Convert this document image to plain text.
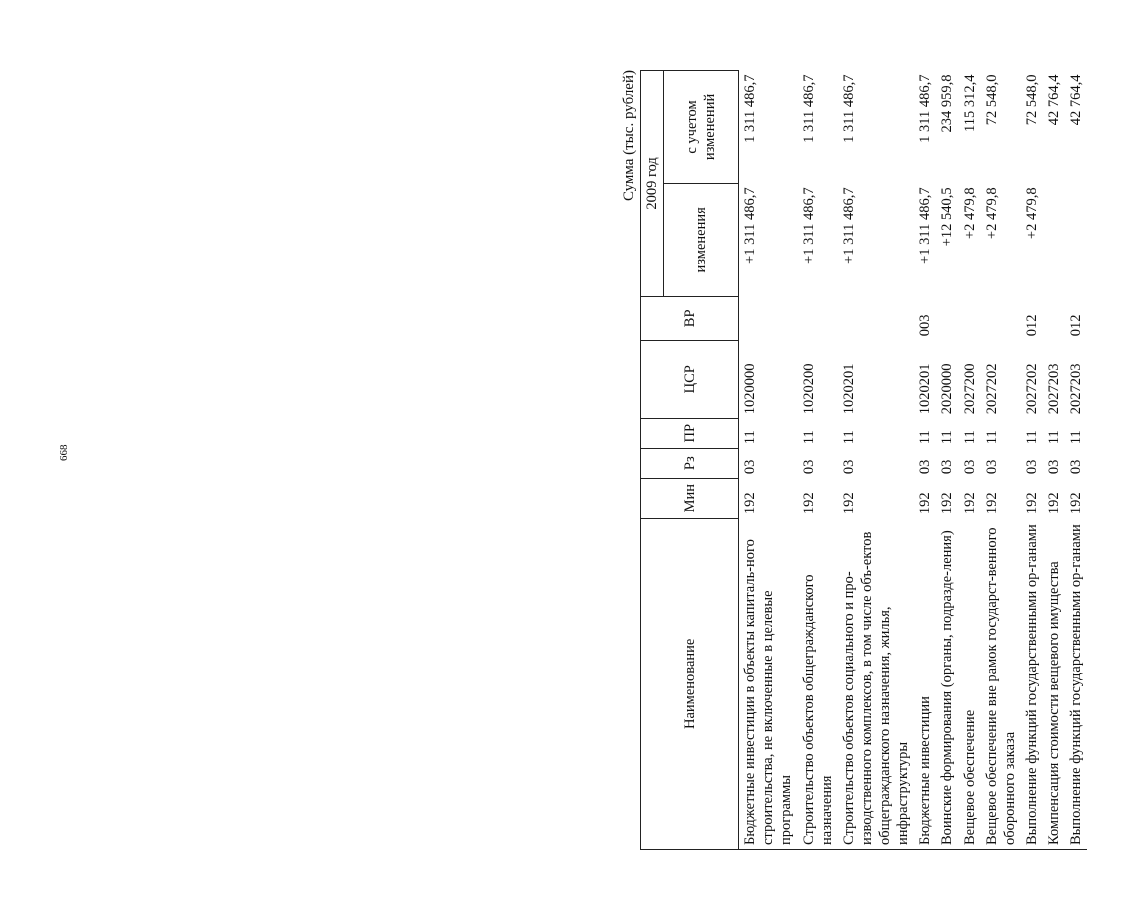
668
Сумма (тыс. рублей)
Наименование	Мин	Рз	ПР	ЦСР	ВР	2009 год	
						изменения	с учетом изменений
Бюджетные инвестиции в объекты капиталь-ного строительства, не включенные в целевые программы	192	03	11	1020000		+1 311 486,7	1 311 486,7
Строительство объектов общегражданского назначения	192	03	11	1020200		+1 311 486,7	1 311 486,7
Строительство объектов социального и про-изводственного комплексов, в том числе объ-ектов общегражданского назначения, жилья, инфраструктуры	192	03	11	1020201		+1 311 486,7	1 311 486,7
Бюджетные инвестиции	192	03	11	1020201	003	+1 311 486,7	1 311 486,7
Воинские формирования (органы, подразде-ления)	192	03	11	2020000		+12 540,5	234 959,8
Вещевое обеспечение	192	03	11	2027200		+2 479,8	115 312,4
Вещевое обеспечение вне рамок государст-венного оборонного заказа	192	03	11	2027202		+2 479,8	72 548,0
Выполнение функций государственными ор-ганами	192	03	11	2027202	012	+2 479,8	72 548,0
Компенсация стоимости вещевого имущества	192	03	11	2027203			42 764,4
Выполнение функций государственными ор-ганами	192	03	11	2027203	012		42 764,4
